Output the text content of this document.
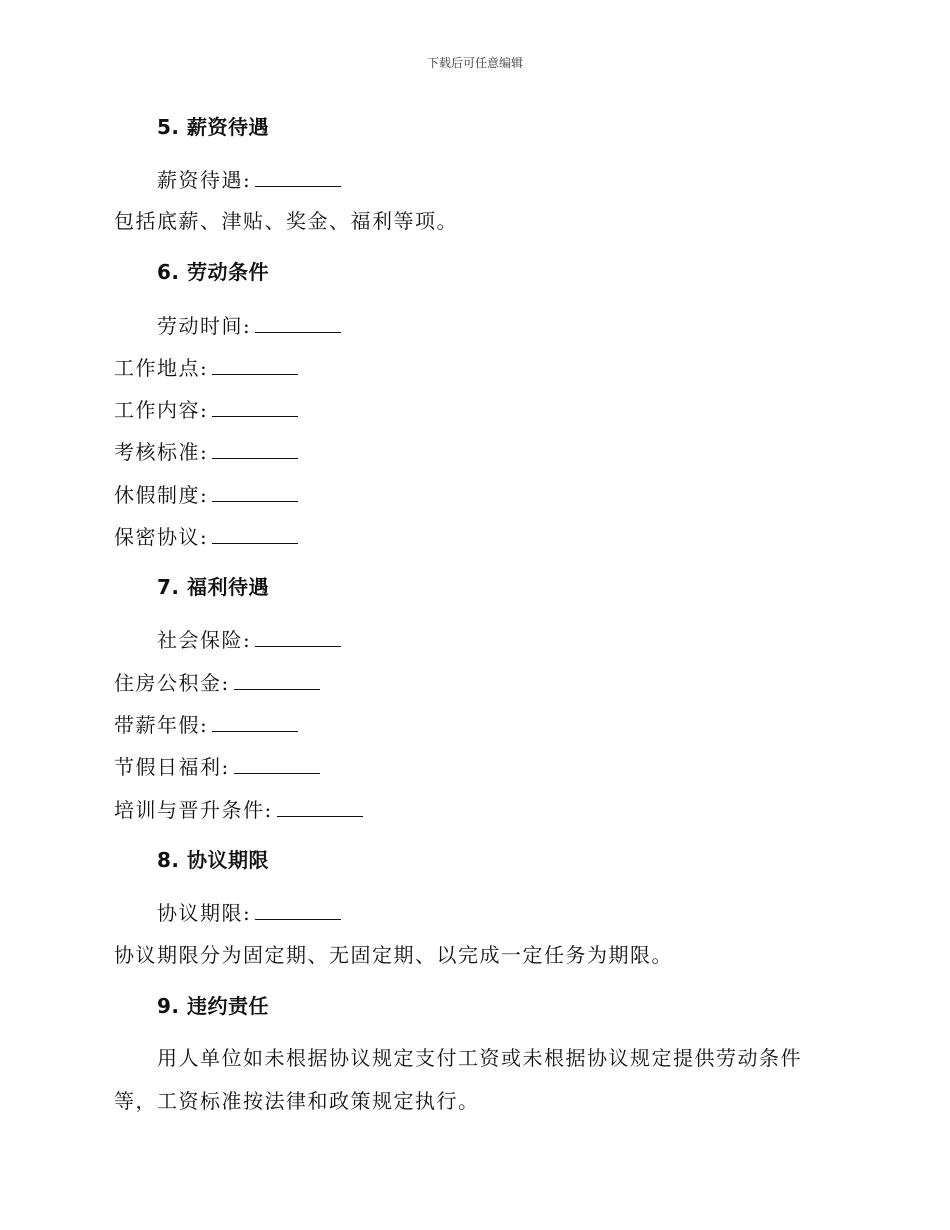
下载后可任意编辑
5. 薪资待遇
薪资待遇:
包括底薪、津贴、奖金、福利等项。
6. 劳动条件
劳动时间:
工作地点:
工作内容:
考核标准:
休假制度:
保密协议:
7. 福利待遇
社会保险:
住房公积金:
带薪年假:
节假日福利:
培训与晋升条件:
8. 协议期限
协议期限:
协议期限分为固定期、无固定期、以完成一定任务为期限。
9. 违约责任
用人单位如未根据协议规定支付工资或未根据协议规定提供劳动条件
等，工资标准按法律和政策规定执行。
